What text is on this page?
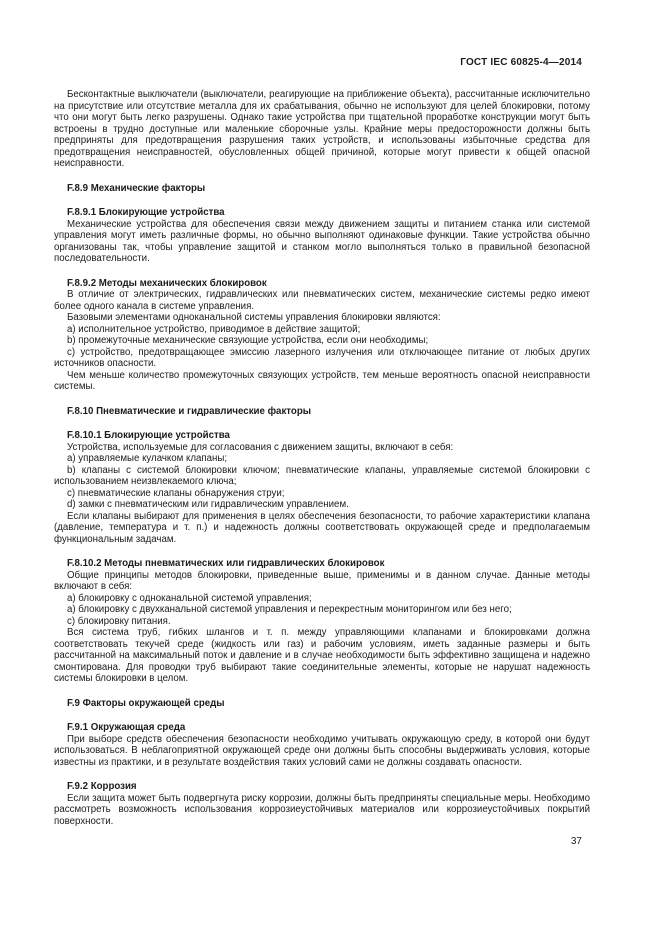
ГОСТ IEC 60825-4—2014

Бесконтактные выключатели (выключатели, реагирующие на приближение объекта), рассчитанные исключительно на присутствие или отсутствие металла для их срабатывания, обычно не используют для целей блокировки, потому что они могут быть легко разрушены. Однако такие устройства при тщательной проработке конструкции могут быть встроены в трудно доступные или маленькие сборочные узлы. Крайние меры предосторожности должны быть предприняты для предотвращения разрушения таких устройств, и использованы избыточные средства для предотвращения неисправностей, обусловленных общей причиной, которые могут привести к общей опасной неисправности.

F.8.9 Механические факторы

F.8.9.1 Блокирующие устройства

Механические устройства для обеспечения связи между движением защиты и питанием станка или системой управления могут иметь различные формы, но обычно выполняют одинаковые функции. Такие устройства обычно организованы так, чтобы управление защитой и станком могло выполняться только в правильной безопасной последовательности.

F.8.9.2 Методы механических блокировок

В отличие от электрических, гидравлических или пневматических систем, механические системы редко имеют более одного канала в системе управления.

Базовыми элементами одноканальной системы управления блокировки являются:

a) исполнительное устройство, приводимое в действие защитой;

b) промежуточные механические связующие устройства, если они необходимы;

c) устройство, предотвращающее эмиссию лазерного излучения или отключающее питание от любых других источников опасности.

Чем меньше количество промежуточных связующих устройств, тем меньше вероятность опасной неисправности системы.

F.8.10 Пневматические и гидравлические факторы

F.8.10.1 Блокирующие устройства

Устройства, используемые для согласования с движением защиты, включают в себя:

a) управляемые кулачком клапаны;

b) клапаны с системой блокировки ключом; пневматические клапаны, управляемые системой блокировки с использованием неизвлекаемого ключа;

c) пневматические клапаны обнаружения струи;

d) замки с пневматическим или гидравлическим управлением.

Если клапаны выбирают для применения в целях обеспечения безопасности, то рабочие характеристики клапана (давление, температура и т. п.) и надежность должны соответствовать окружающей среде и предполагаемым функциональным задачам.

F.8.10.2 Методы пневматических или гидравлических блокировок

Общие принципы методов блокировки, приведенные выше, применимы и в данном случае. Данные методы включают в себя:

a) блокировку с одноканальной системой управления;

a) блокировку с двухканальной системой управления и перекрестным мониторингом или без него;

c) блокировку питания.

Вся система труб, гибких шлангов и т. п. между управляющими клапанами и блокировками должна соответствовать текучей среде (жидкость или газ) и рабочим условиям, иметь заданные размеры и быть рассчитанной на максимальный поток и давление и в случае необходимости быть эффективно защищена и надежно смонтирована. Для проводки труб выбирают такие соединительные элементы, которые не нарушат надежность системы блокировки в целом.

F.9 Факторы окружающей среды

F.9.1 Окружающая среда

При выборе средств обеспечения безопасности необходимо учитывать окружающую среду, в которой они будут использоваться. В неблагоприятной окружающей среде они должны быть способны выдерживать условия, которые известны из практики, и в результате воздействия таких условий сами не должны создавать опасности.

F.9.2 Коррозия

Если защита может быть подвергнута риску коррозии, должны быть предприняты специальные меры. Необходимо рассмотреть возможность использования коррозиеустойчивых материалов или коррозиеустойчивых покрытий поверхности.

37
